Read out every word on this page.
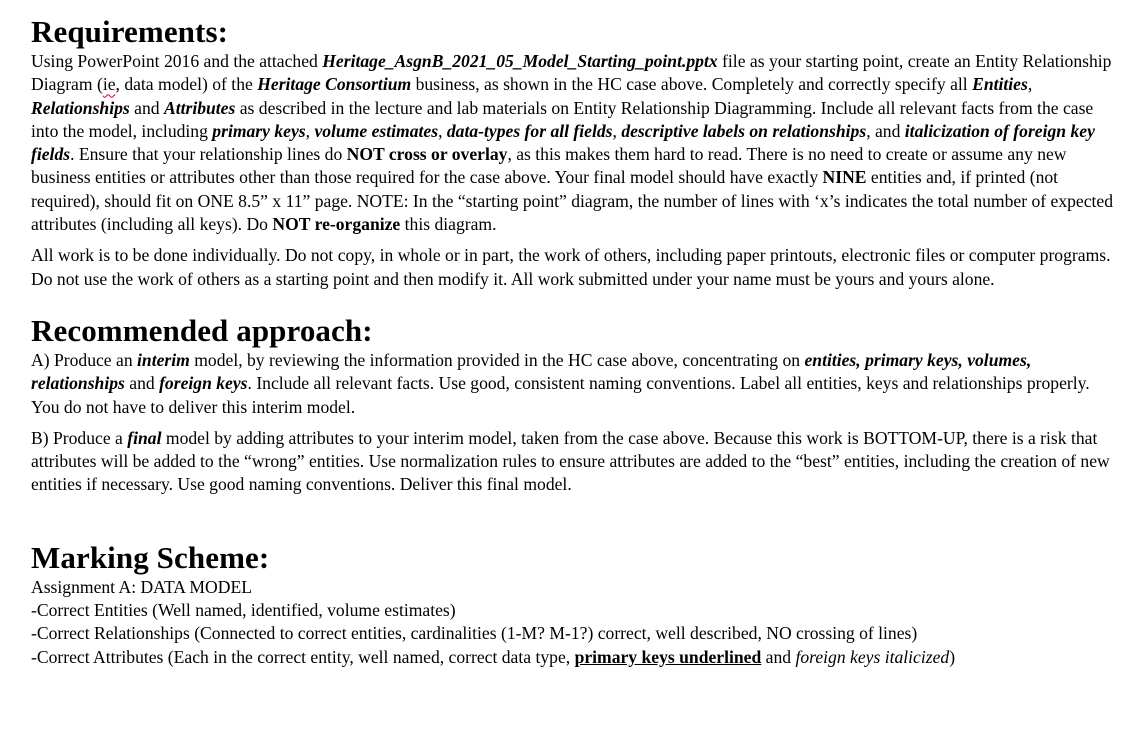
Requirements:

Using PowerPoint 2016 and the attached Heritage_AsgnB_2021_05_Model_Starting_point.pptx file as your starting point, create an Entity Relationship Diagram (ie, data model) of the Heritage Consortium business, as shown in the HC case above. Completely and correctly specify all Entities, Relationships and Attributes as described in the lecture and lab materials on Entity Relationship Diagramming. Include all relevant facts from the case into the model, including primary keys, volume estimates, data-types for all fields, descriptive labels on relationships, and italicization of foreign key fields. Ensure that your relationship lines do NOT cross or overlay, as this makes them hard to read. There is no need to create or assume any new business entities or attributes other than those required for the case above. Your final model should have exactly NINE entities and, if printed (not required), should fit on ONE 8.5” x 11” page. NOTE: In the “starting point” diagram, the number of lines with ‘x’s indicates the total number of expected attributes (including all keys). Do NOT re-organize this diagram.

All work is to be done individually. Do not copy, in whole or in part, the work of others, including paper printouts, electronic files or computer programs. Do not use the work of others as a starting point and then modify it. All work submitted under your name must be yours and yours alone.

Recommended approach:

A) Produce an interim model, by reviewing the information provided in the HC case above, concentrating on entities, primary keys, volumes, relationships and foreign keys. Include all relevant facts. Use good, consistent naming conventions. Label all entities, keys and relationships properly. You do not have to deliver this interim model.

B) Produce a final model by adding attributes to your interim model, taken from the case above. Because this work is BOTTOM-UP, there is a risk that attributes will be added to the “wrong” entities. Use normalization rules to ensure attributes are added to the “best” entities, including the creation of new entities if necessary. Use good naming conventions. Deliver this final model.

Marking Scheme:

Assignment A: DATA MODEL

-Correct Entities (Well named, identified, volume estimates)

-Correct Relationships (Connected to correct entities, cardinalities (1-M? M-1?) correct, well described, NO crossing of lines)

-Correct Attributes (Each in the correct entity, well named, correct data type, primary keys underlined and foreign keys italicized)
